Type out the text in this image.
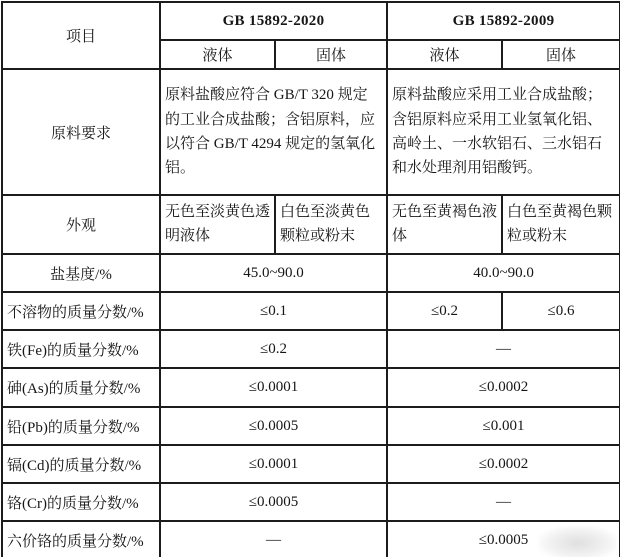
项目	GB 15892-2020		GB 15892-2009	
	液体	固体	液体	固体
原料要求	原料盐酸应符合 GB/T 320 规定的工业合成盐酸；含铝原料，应以符合 GB/T 4294 规定的氢氧化铝。		原料盐酸应采用工业合成盐酸；含铝原料应采用工业氢氧化铝、高岭土、一水软铝石、三水铝石和水处理剂用铝酸钙。	
外观	无色至淡黄色透明液体	白色至淡黄色颗粒或粉末	无色至黄褐色液体	白色至黄褐色颗粒或粉末
盐基度/%	45.0~90.0		40.0~90.0	
不溶物的质量分数/%	≤0.1		≤0.2	≤0.6
铁(Fe)的质量分数/%	≤0.2		—	
砷(As)的质量分数/%	≤0.0001		≤0.0002	
铅(Pb)的质量分数/%	≤0.0005		≤0.001	
镉(Cd)的质量分数/%	≤0.0001		≤0.0002	
铬(Cr)的质量分数/%	≤0.0005		—	
六价铬的质量分数/%	—		≤0.0005	
